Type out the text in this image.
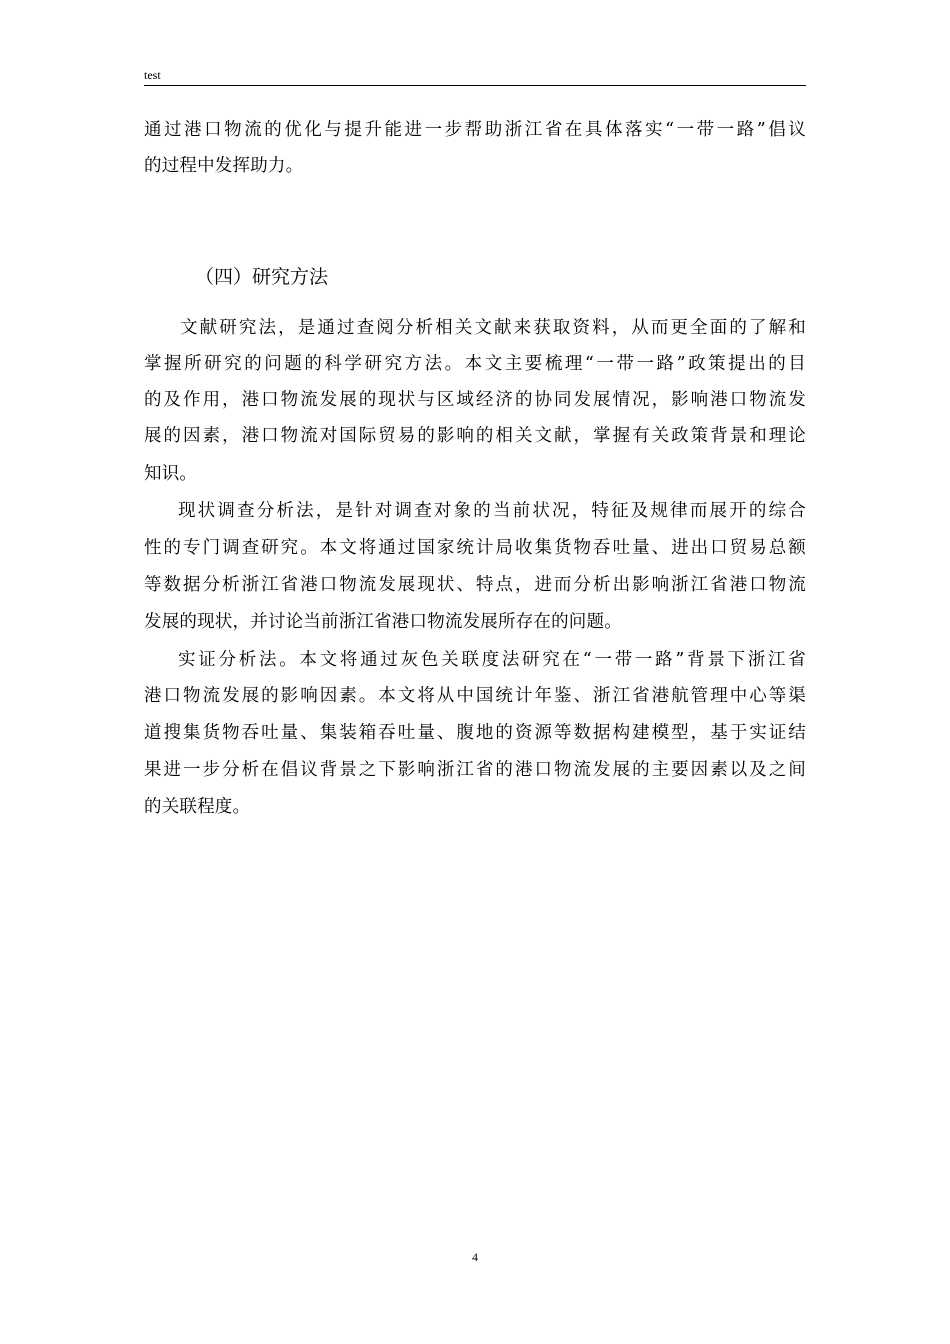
test
通过港口物流的优化与提升能进一步帮助浙江省在具体落实“一带一路”倡议
的过程中发挥助力。
（四）研究方法
文献研究法，是通过查阅分析相关文献来获取资料，从而更全面的了解和
掌握所研究的问题的科学研究方法。本文主要梳理“一带一路”政策提出的目
的及作用，港口物流发展的现状与区域经济的协同发展情况，影响港口物流发
展的因素，港口物流对国际贸易的影响的相关文献，掌握有关政策背景和理论
知识。
现状调查分析法，是针对调查对象的当前状况，特征及规律而展开的综合
性的专门调查研究。本文将通过国家统计局收集货物吞吐量、进出口贸易总额
等数据分析浙江省港口物流发展现状、特点，进而分析出影响浙江省港口物流
发展的现状，并讨论当前浙江省港口物流发展所存在的问题。
实证分析法。本文将通过灰色关联度法研究在“一带一路”背景下浙江省
港口物流发展的影响因素。本文将从中国统计年鉴、浙江省港航管理中心等渠
道搜集货物吞吐量、集装箱吞吐量、腹地的资源等数据构建模型，基于实证结
果进一步分析在倡议背景之下影响浙江省的港口物流发展的主要因素以及之间
的关联程度。
4
